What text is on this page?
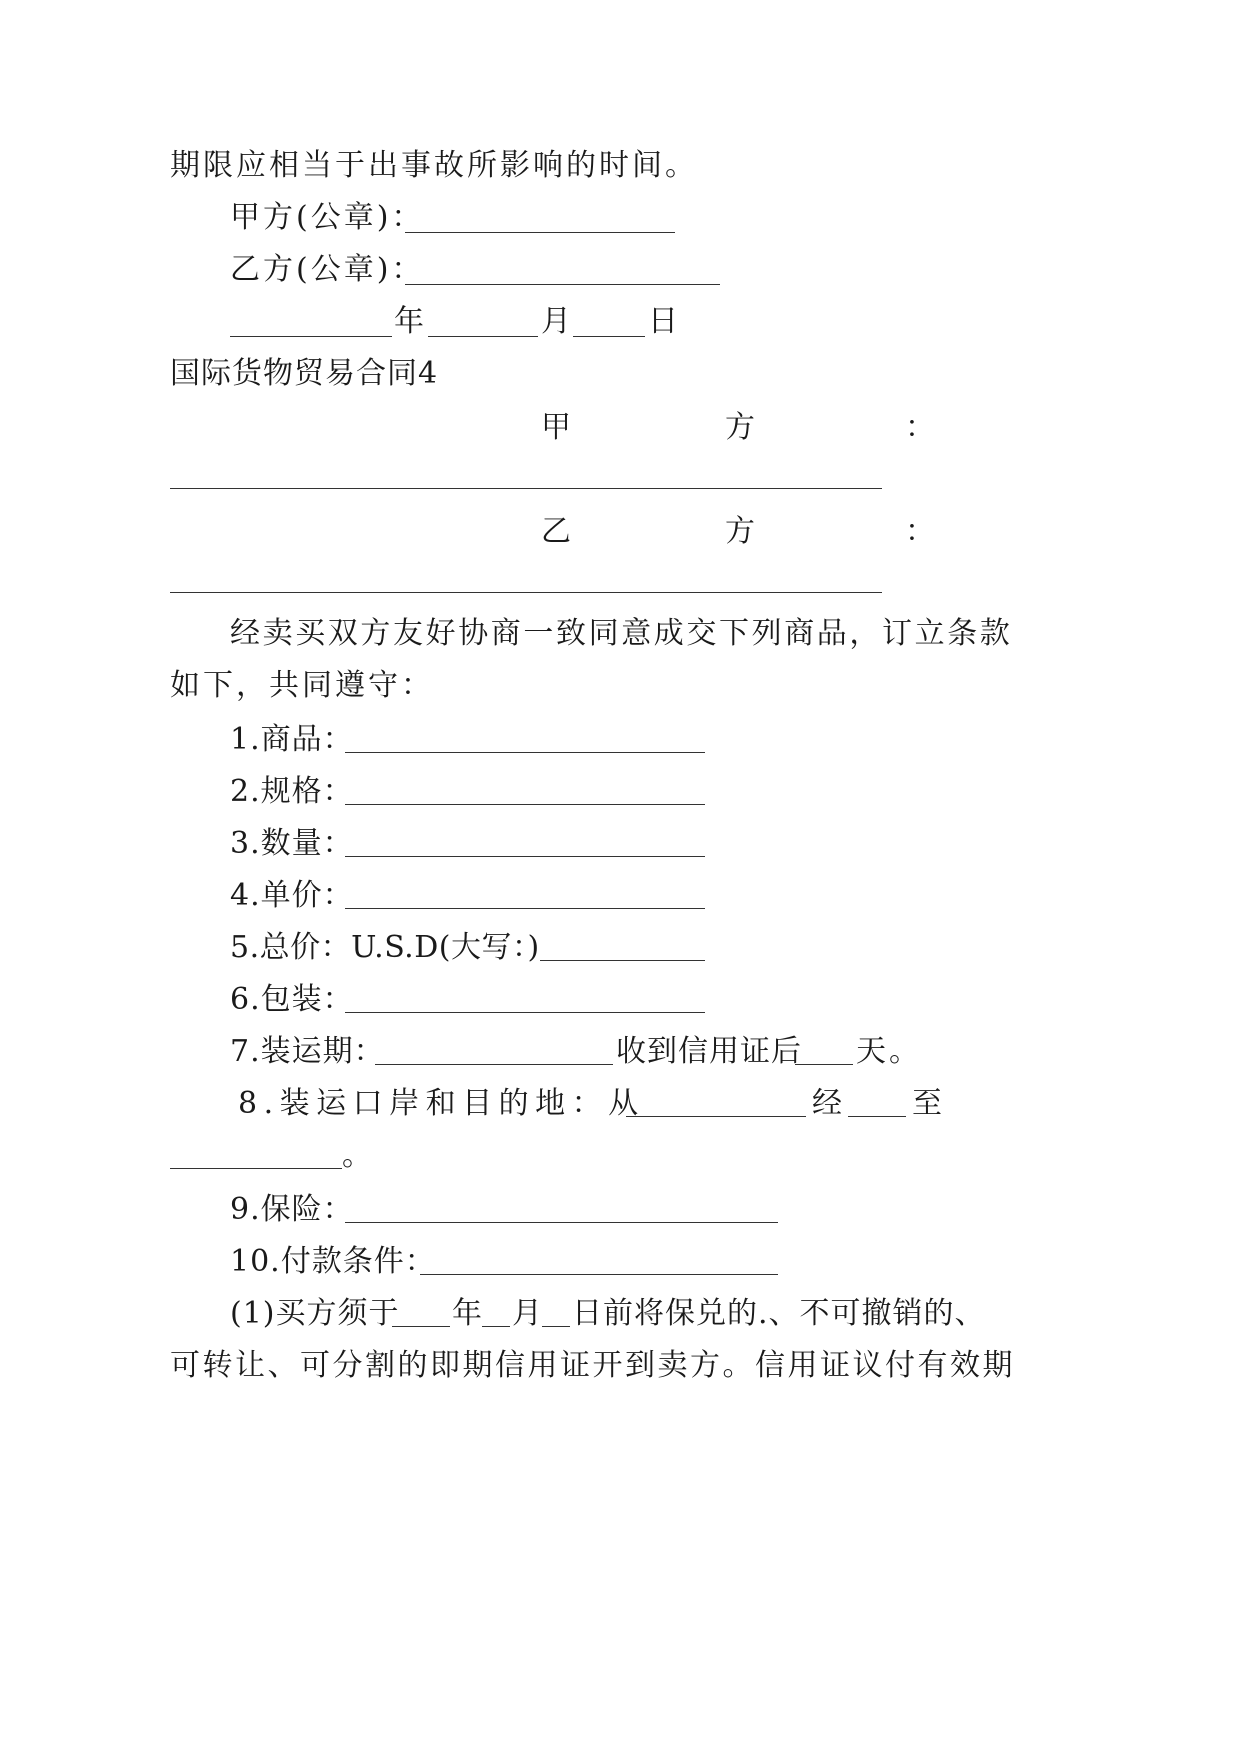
期限应相当于出事故所影响的时间。
甲方(公章)：
乙方(公章)：
年	月	日
国际货物贸易合同4
甲	方	：
乙	方	：
经卖买双方友好协商一致同意成交下列商品，订立条款
如下，共同遵守：
1.商品：
2.规格：
3.数量：
4.单价：
5.总价：U.S.D(大写：)
6.包装：
7.装运期：	收到信用证后 天。
8.装运口岸和目的地：从	经 至
。
9.保险：
10.付款条件：
(1)买方须于 年 月 日前将保兑的.、不可撤销的、
可转让、可分割的即期信用证开到卖方。信用证议付有效期
